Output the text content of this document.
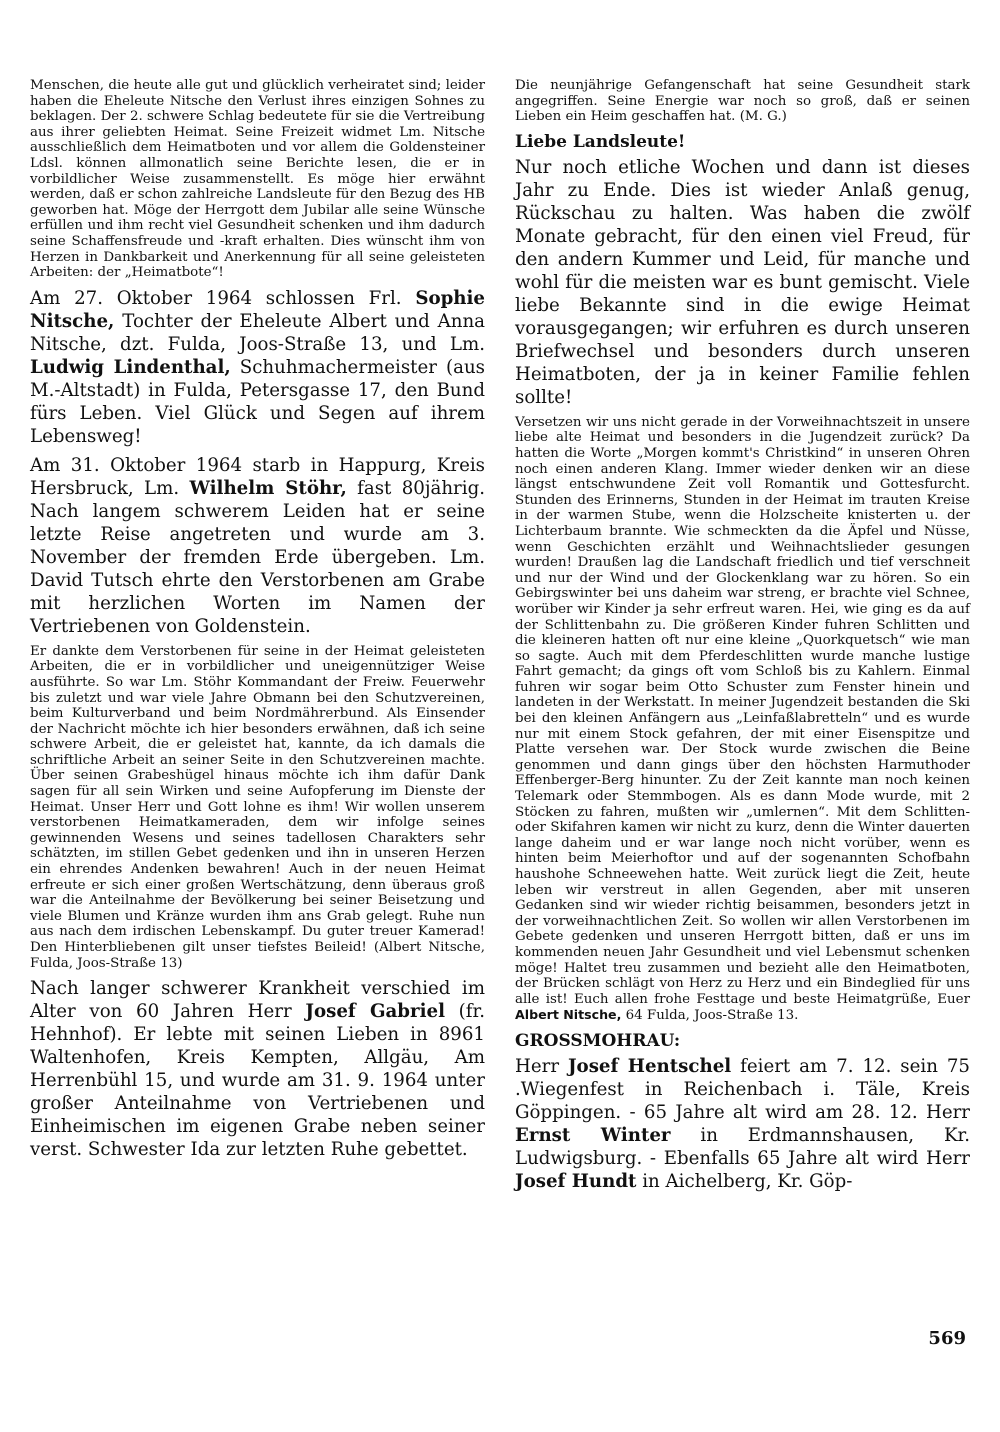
Menschen, die heute alle gut und glücklich verheiratet sind; leider haben die Eheleute Nitsche den Verlust ihres einzigen Sohnes zu beklagen. Der 2. schwere Schlag bedeutete für sie die Vertreibung aus ihrer geliebten Heimat. Seine Freizeit widmet Lm. Nitsche ausschließlich dem Heimatboten und vor allem die Goldensteiner Ldsl. können allmonatlich seine Berichte lesen, die er in vorbildlicher Weise zusammenstellt. Es möge hier erwähnt werden, daß er schon zahlreiche Landsleute für den Bezug des HB geworben hat. Möge der Herrgott dem Jubilar alle seine Wünsche erfüllen und ihm recht viel Gesundheit schenken und ihm dadurch seine Schaffensfreude und -kraft erhalten. Dies wünscht ihm von Herzen in Dankbarkeit und Anerkennung für all seine geleisteten Arbeiten: der „Heimatbote“!

Am 27. Oktober 1964 schlossen Frl. Sophie Nitsche, Tochter der Eheleute Albert und Anna Nitsche, dzt. Fulda, Joos-Straße 13, und Lm. Ludwig Lindenthal, Schuhmachermeister (aus M.-Altstadt) in Fulda, Petersgasse 17, den Bund fürs Leben. Viel Glück und Segen auf ihrem Lebensweg!

Am 31. Oktober 1964 starb in Happurg, Kreis Hersbruck, Lm. Wilhelm Stöhr, fast 80jährig. Nach langem schwerem Leiden hat er seine letzte Reise angetreten und wurde am 3. November der fremden Erde übergeben. Lm. David Tutsch ehrte den Verstorbenen am Grabe mit herzlichen Worten im Namen der Vertriebenen von Goldenstein.

Er dankte dem Verstorbenen für seine in der Heimat geleisteten Arbeiten, die er in vorbildlicher und uneigennütziger Weise ausführte. So war Lm. Stöhr Kommandant der Freiw. Feuerwehr bis zuletzt und war viele Jahre Obmann bei den Schutzvereinen, beim Kulturverband und beim Nordmährerbund. Als Einsender der Nachricht möchte ich hier besonders erwähnen, daß ich seine schwere Arbeit, die er geleistet hat, kannte, da ich damals die schriftliche Arbeit an seiner Seite in den Schutzvereinen machte. Über seinen Grabeshügel hinaus möchte ich ihm dafür Dank sagen für all sein Wirken und seine Aufopferung im Dienste der Heimat. Unser Herr und Gott lohne es ihm! Wir wollen unserem verstorbenen Heimatkameraden, dem wir infolge seines gewinnenden Wesens und seines tadellosen Charakters sehr schätzten, im stillen Gebet gedenken und ihn in unseren Herzen ein ehrendes Andenken bewahren! Auch in der neuen Heimat erfreute er sich einer großen Wertschätzung, denn überaus groß war die Anteilnahme der Bevölkerung bei seiner Beisetzung und viele Blumen und Kränze wurden ihm ans Grab gelegt. Ruhe nun aus nach dem irdischen Lebenskampf. Du guter treuer Kamerad! Den Hinterbliebenen gilt unser tiefstes Beileid! (Albert Nitsche, Fulda, Joos-Straße 13)

Nach langer schwerer Krankheit verschied im Alter von 60 Jahren Herr Josef Gabriel (fr. Hehnhof). Er lebte mit seinen Lieben in 8961 Waltenhofen, Kreis Kempten, Allgäu, Am Herrenbühl 15, und wurde am 31. 9. 1964 unter großer Anteilnahme von Vertriebenen und Einheimischen im eigenen Grabe neben seiner verst. Schwester Ida zur letzten Ruhe gebettet.

Die neunjährige Gefangenschaft hat seine Gesundheit stark angegriffen. Seine Energie war noch so groß, daß er seinen Lieben ein Heim geschaffen hat. (M. G.)

Liebe Landsleute!

Nur noch etliche Wochen und dann ist dieses Jahr zu Ende. Dies ist wieder Anlaß genug, Rückschau zu halten. Was haben die zwölf Monate gebracht, für den einen viel Freud, für den andern Kummer und Leid, für manche und wohl für die meisten war es bunt gemischt. Viele liebe Bekannte sind in die ewige Heimat vorausgegangen; wir erfuhren es durch unseren Briefwechsel und besonders durch unseren Heimatboten, der ja in keiner Familie fehlen sollte!

Versetzen wir uns nicht gerade in der Vorweihnachtszeit in unsere liebe alte Heimat und besonders in die Jugendzeit zurück? Da hatten die Worte „Morgen kommt's Christkind“ in unseren Ohren noch einen anderen Klang. Immer wieder denken wir an diese längst entschwundene Zeit voll Romantik und Gottesfurcht. Stunden des Erinnerns, Stunden in der Heimat im trauten Kreise in der warmen Stube, wenn die Holzscheite knisterten u. der Lichterbaum brannte. Wie schmeckten da die Äpfel und Nüsse, wenn Geschichten erzählt und Weihnachtslieder gesungen wurden! Draußen lag die Landschaft friedlich und tief verschneit und nur der Wind und der Glockenklang war zu hören. So ein Gebirgswinter bei uns daheim war streng, er brachte viel Schnee, worüber wir Kinder ja sehr erfreut waren. Hei, wie ging es da auf der Schlittenbahn zu. Die größeren Kinder fuhren Schlitten und die kleineren hatten oft nur eine kleine „Quorkquetsch“ wie man so sagte. Auch mit dem Pferdeschlitten wurde manche lustige Fahrt gemacht; da gings oft vom Schloß bis zu Kahlern. Einmal fuhren wir sogar beim Otto Schuster zum Fenster hinein und landeten in der Werkstatt. In meiner Jugendzeit bestanden die Ski bei den kleinen Anfängern aus „Leinfaßlabretteln“ und es wurde nur mit einem Stock gefahren, der mit einer Eisenspitze und Platte versehen war. Der Stock wurde zwischen die Beine genommen und dann gings über den höchsten Harmuthoder Effenberger-Berg hinunter. Zu der Zeit kannte man noch keinen Telemark oder Stemmbogen. Als es dann Mode wurde, mit 2 Stöcken zu fahren, mußten wir „umlernen“. Mit dem Schlitten- oder Skifahren kamen wir nicht zu kurz, denn die Winter dauerten lange daheim und er war lange noch nicht vorüber, wenn es hinten beim Meierhoftor und auf der sogenannten Schofbahn haushohe Schneewehen hatte. Weit zurück liegt die Zeit, heute leben wir verstreut in allen Gegenden, aber mit unseren Gedanken sind wir wieder richtig beisammen, besonders jetzt in der vorweihnachtlichen Zeit. So wollen wir allen Verstorbenen im Gebete gedenken und unseren Herrgott bitten, daß er uns im kommenden neuen Jahr Gesundheit und viel Lebensmut schenken möge! Haltet treu zusammen und bezieht alle den Heimatboten, der Brücken schlägt von Herz zu Herz und ein Bindeglied für uns alle ist! Euch allen frohe Festtage und beste Heimatgrüße, Euer Albert Nitsche, 64 Fulda, Joos-Straße 13.

GROSSMOHRAU:

Herr Josef Hentschel feiert am 7. 12. sein 75 .Wiegenfest in Reichenbach i. Täle, Kreis Göppingen. - 65 Jahre alt wird am 28. 12. Herr Ernst Winter in Erdmannshausen, Kr. Ludwigsburg. - Ebenfalls 65 Jahre alt wird Herr Josef Hundt in Aichelberg, Kr. Göp-

569
